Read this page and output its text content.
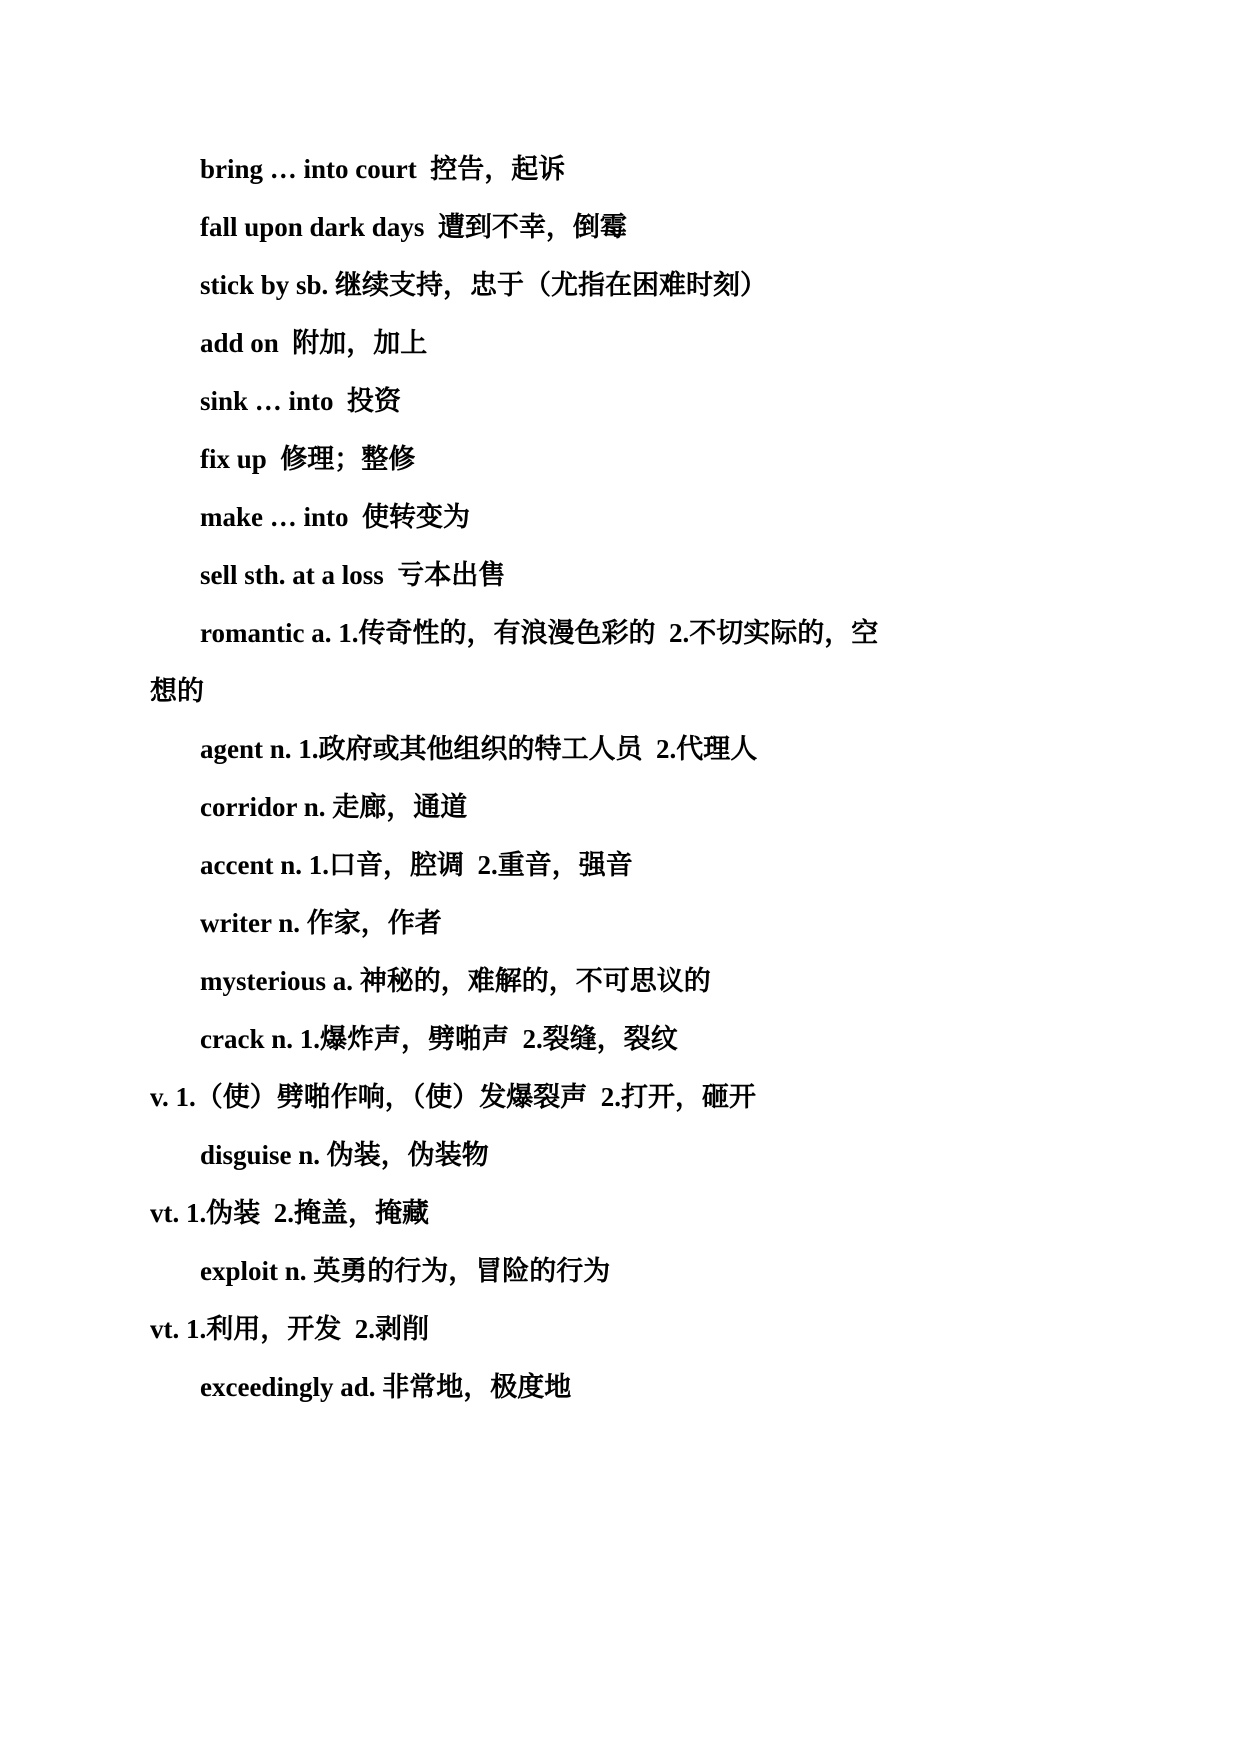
bring … into court  控告，起诉
fall upon dark days  遭到不幸，倒霉
stick by sb. 继续支持，忠于（尤指在困难时刻）
add on  附加，加上
sink … into  投资
fix up  修理；整修
make … into  使转变为
sell sth. at a loss  亏本出售
romantic a. 1.传奇性的，有浪漫色彩的  2.不切实际的，空
想的
agent n. 1.政府或其他组织的特工人员  2.代理人
corridor n. 走廊，通道
accent n. 1.口音，腔调  2.重音，强音
writer n. 作家，作者
mysterious a. 神秘的，难解的，不可思议的
crack n. 1.爆炸声，劈啪声  2.裂缝，裂纹
v. 1.（使）劈啪作响，（使）发爆裂声  2.打开，砸开
disguise n. 伪装，伪装物
vt. 1.伪装  2.掩盖，掩藏
exploit n. 英勇的行为，冒险的行为
vt. 1.利用，开发  2.剥削
exceedingly ad. 非常地，极度地
